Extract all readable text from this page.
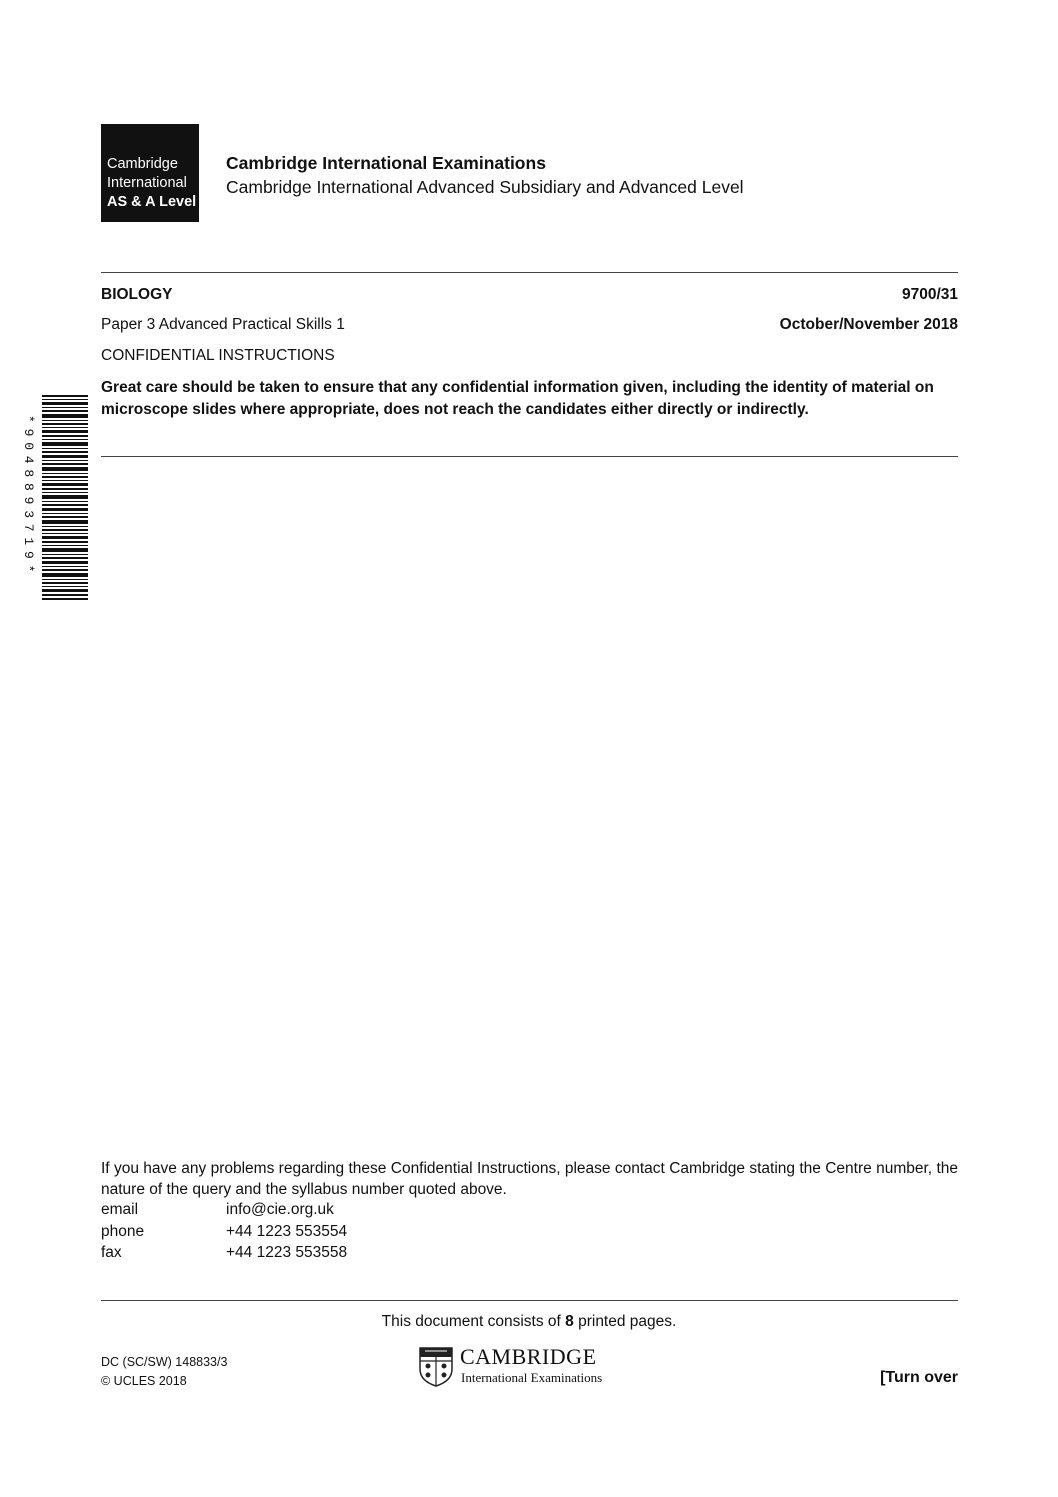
Cambridge
International
AS & A Level
Cambridge International Examinations
Cambridge International Advanced Subsidiary and Advanced Level
BIOLOGY	9700/31
Paper 3 Advanced Practical Skills 1	October/November 2018
CONFIDENTIAL INSTRUCTIONS
Great care should be taken to ensure that any confidential information given, including the identity of material on microscope slides where appropriate, does not reach the candidates either directly or indirectly.
*9048893719*
If you have any problems regarding these Confidential Instructions, please contact Cambridge stating the Centre number, the nature of the query and the syllabus number quoted above.
email	info@cie.org.uk
phone	+44 1223 553554
fax	+44 1223 553558
This document consists of 8 printed pages.
DC (SC/SW) 148833/3
© UCLES 2018
CAMBRIDGE
International Examinations	[Turn over
